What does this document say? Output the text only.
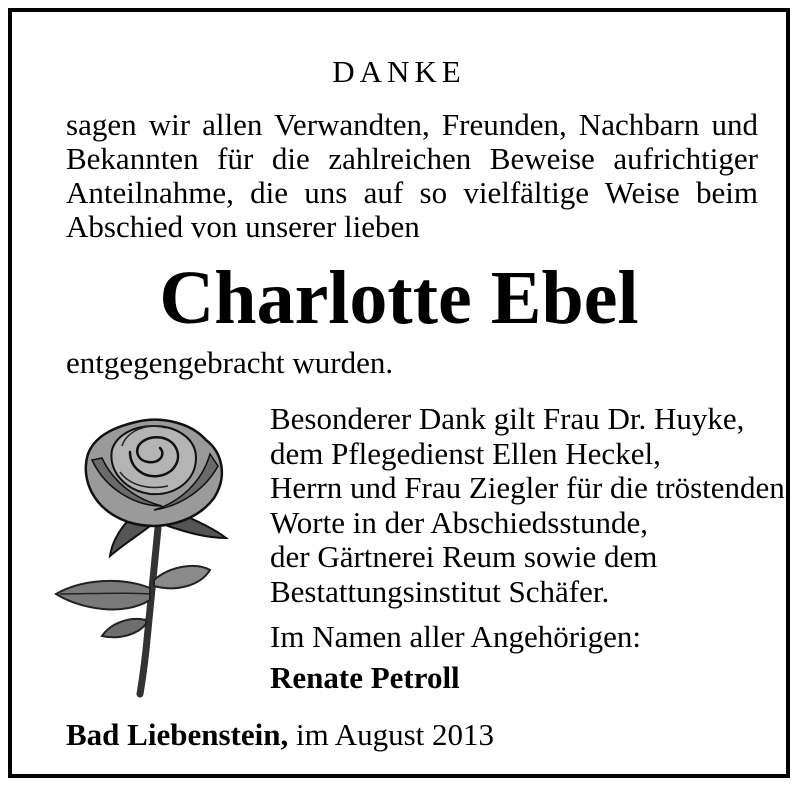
DANKE
sagen wir allen Verwandten, Freunden, Nachbarn und
Bekannten für die zahlreichen Beweise aufrichtiger
Anteilnahme, die uns auf so vielfältige Weise beim
Abschied von unserer lieben
Charlotte Ebel
entgegengebracht wurden.
Besonderer Dank gilt Frau Dr. Huyke,
dem Pflegedienst Ellen Heckel,
Herrn und Frau Ziegler für die tröstenden
Worte in der Abschiedsstunde,
der Gärtnerei Reum sowie dem
Bestattungsinstitut Schäfer.
Im Namen aller Angehörigen:
Renate Petroll
Bad Liebenstein, im August 2013
